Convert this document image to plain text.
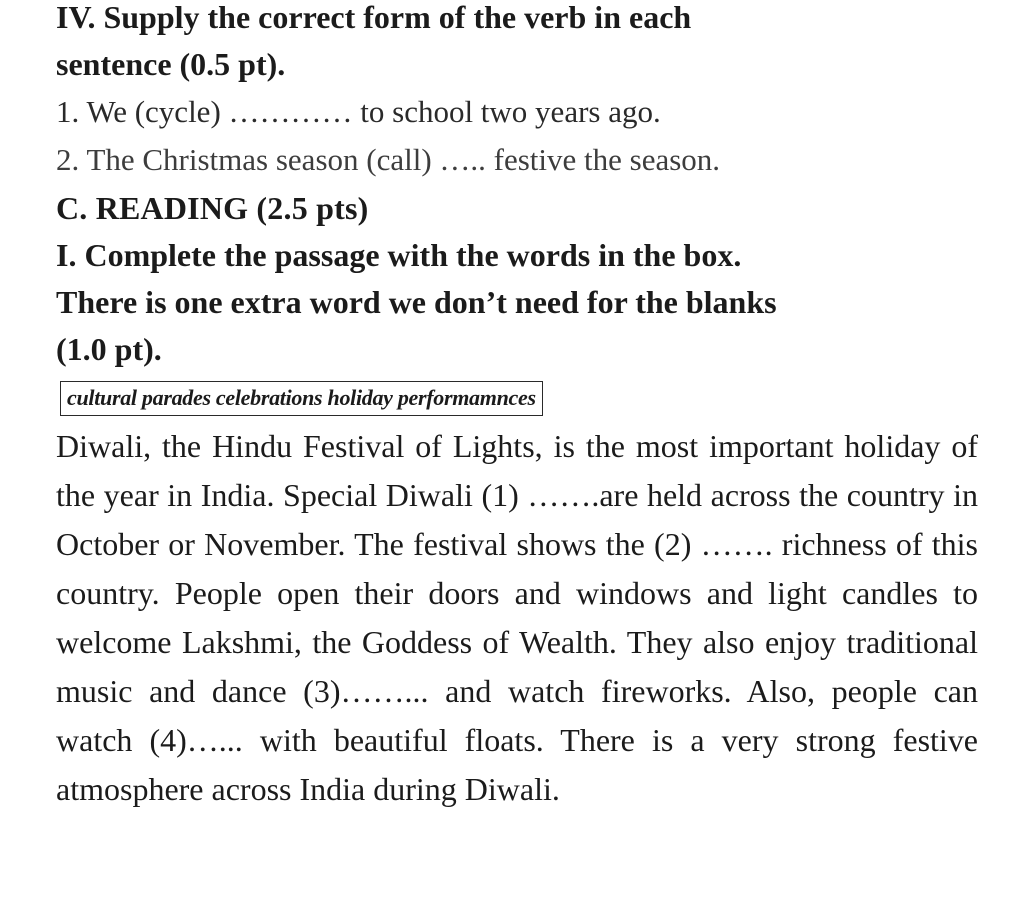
IV. Supply the correct form of the verb in each
sentence (0.5 pt).
1. We (cycle) ………… to school two years ago.
2. The Christmas season (call) ….. festive the season.
C. READING (2.5 pts)
I. Complete the passage with the words in the box.
There is one extra word we don’t need for the blanks
(1.0 pt).
cultural parades celebrations holiday performamnces

Diwali, the Hindu Festival of Lights, is the most important holiday of the year in India. Special Diwali (1) …….are held across the country in October or November. The festival shows the (2) ……. richness of this country. People open their doors and windows and light candles to welcome Lakshmi, the Goddess of Wealth. They also enjoy traditional music and dance (3)……... and watch fireworks. Also, people can watch (4)…... with beautiful floats. There is a very strong festive atmosphere across India during Diwali.
